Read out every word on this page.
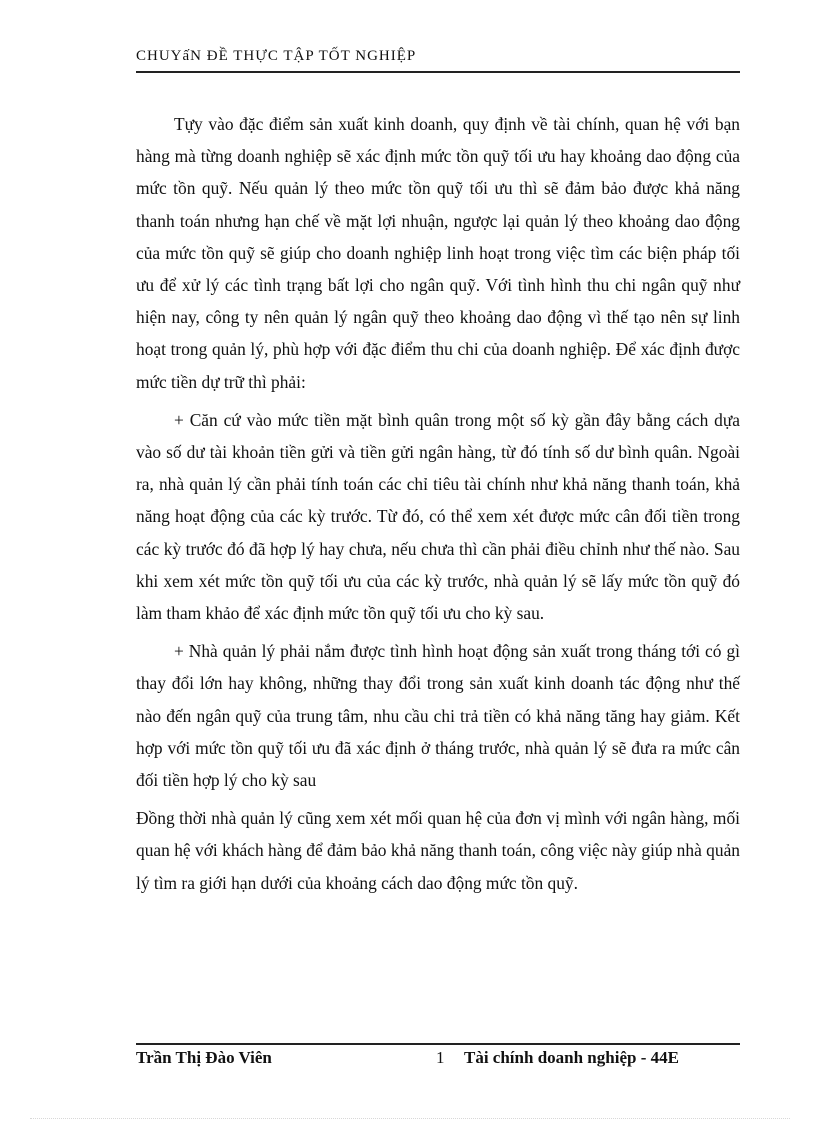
CHUYấN ĐỀ THỰC TẬP TỐT NGHIỆP

Tựy vào đặc điểm sản xuất kinh doanh, quy định về tài chính, quan hệ với bạn hàng mà từng doanh nghiệp sẽ xác định mức tồn quỹ tối ưu hay khoảng dao động của mức tồn quỹ. Nếu quản lý theo mức tồn quỹ tối ưu thì sẽ đảm bảo được khả năng thanh toán nhưng hạn chế về mặt lợi nhuận, ngược lại quản lý theo khoảng dao động của mức tồn quỹ sẽ giúp cho doanh nghiệp linh hoạt trong việc tìm các biện pháp tối ưu để xử lý các tình trạng bất lợi cho ngân quỹ. Với tình hình thu chi ngân quỹ như hiện nay, công ty nên quản lý ngân quỹ theo khoảng dao động vì thế tạo nên sự linh hoạt trong quản lý, phù hợp với đặc điểm thu chi của doanh nghiệp. Để xác định được mức tiền dự trữ thì phải:

+ Căn cứ vào mức tiền mặt bình quân trong một số kỳ gần đây bằng cách dựa vào số dư tài khoản tiền gửi và tiền gửi ngân hàng, từ đó tính số dư bình quân. Ngoài ra, nhà quản lý cần phải tính toán các chỉ tiêu tài chính như khả năng thanh toán, khả năng hoạt động của các kỳ trước. Từ đó, có thể xem xét được mức cân đối tiền trong các kỳ trước đó đã hợp lý hay chưa, nếu chưa thì cần phải điều chỉnh như thế nào. Sau khi xem xét mức tồn quỹ tối ưu của các kỳ trước, nhà quản lý sẽ lấy mức tồn quỹ đó làm tham khảo để xác định mức tồn quỹ tối ưu cho kỳ sau.

+ Nhà quản lý phải nắm được tình hình hoạt động sản xuất trong tháng tới có gì thay đổi lớn hay không, những thay đổi trong sản xuất kinh doanh tác động như thế nào đến ngân quỹ của trung tâm, nhu cầu chi trả tiền có khả năng tăng hay giảm. Kết hợp với mức tồn quỹ tối ưu đã xác định ở tháng trước, nhà quản lý sẽ đưa ra mức cân đối tiền hợp lý cho kỳ sau

Đồng thời nhà quản lý cũng xem xét mối quan hệ của đơn vị mình với ngân hàng, mối quan hệ với khách hàng để đảm bảo khả năng thanh toán, công việc này giúp nhà quản lý tìm ra giới hạn dưới của khoảng cách dao động mức tồn quỹ.

Trần Thị Đào Viên	1 Tài chính doanh nghiệp - 44E
